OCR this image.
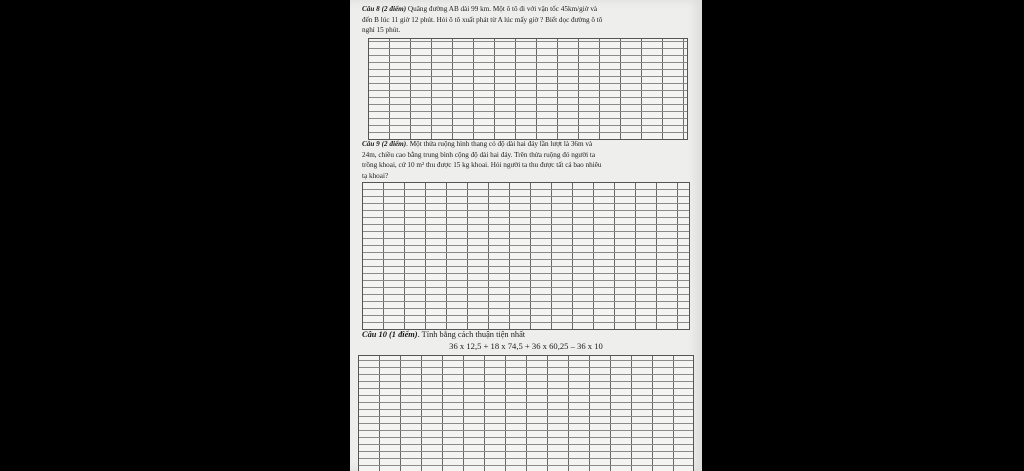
Câu 8 (2 điểm) Quãng đường AB dài 99 km. Một ô tô đi với vận tốc 45km/giờ và
đến B lúc 11 giờ 12 phút. Hỏi ô tô xuất phát từ A lúc mấy giờ ? Biết dọc đường ô tô
nghỉ 15 phút.
Câu 9 (2 điểm). Một thửa ruộng hình thang có độ dài hai đáy lần lượt là 36m và
24m, chiều cao bằng trung bình cộng độ dài hai đáy. Trên thửa ruộng đó người ta
trồng khoai, cứ 10 m² thu được 15 kg khoai. Hỏi người ta thu được tất cả bao nhiêu
tạ khoai?
Câu 10 (1 điểm). Tính bằng cách thuận tiện nhất
36 x 12,5 + 18 x 74,5 + 36 x 60,25 – 36 x 10
